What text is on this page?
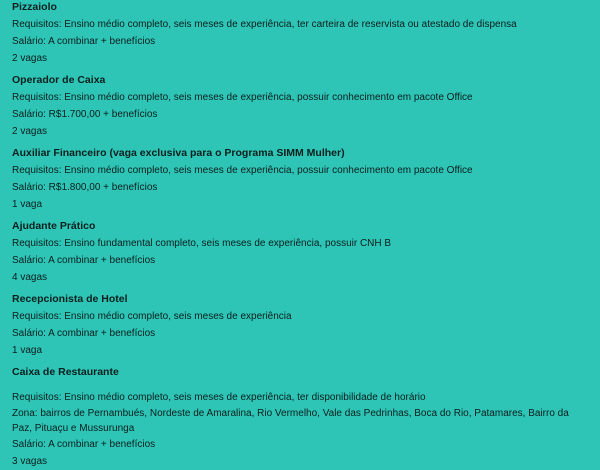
Pizzaiolo
Requisitos: Ensino médio completo, seis meses de experiência, ter carteira de reservista ou atestado de dispensa
Salário: A combinar + benefícios
2 vagas
Operador de Caixa
Requisitos: Ensino médio completo, seis meses de experiência, possuir conhecimento em pacote Office
Salário: R$1.700,00 + benefícios
2 vagas
Auxiliar Financeiro (vaga exclusiva para o Programa SIMM Mulher)
Requisitos: Ensino médio completo, seis meses de experiência, possuir conhecimento em pacote Office
Salário: R$1.800,00 + benefícios
1 vaga
Ajudante Prático
Requisitos: Ensino fundamental completo, seis meses de experiência, possuir CNH B
Salário: A combinar + benefícios
4 vagas
Recepcionista de Hotel
Requisitos: Ensino médio completo, seis meses de experiência
Salário: A combinar + benefícios
1 vaga
Caixa de Restaurante
Requisitos: Ensino médio completo, seis meses de experiência, ter disponibilidade de horário
Zona: bairros de Pernambués, Nordeste de Amaralina, Rio Vermelho, Vale das Pedrinhas, Boca do Rio, Patamares, Bairro da Paz, Pituaçu e Mussurunga
Salário: A combinar + benefícios
3 vagas
